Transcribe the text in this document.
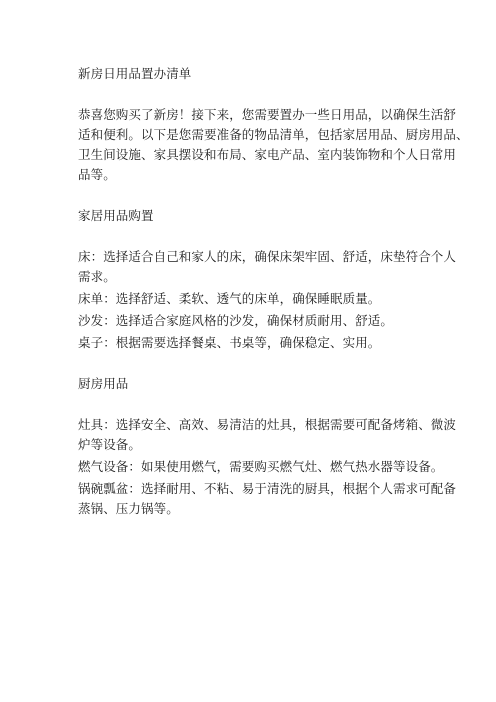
新房日用品置办清单
恭喜您购买了新房！接下来，您需要置办一些日用品，以确保生活舒
适和便利。以下是您需要准备的物品清单，包括家居用品、厨房用品、
卫生间设施、家具摆设和布局、家电产品、室内装饰物和个人日常用
品等。
家居用品购置
床：选择适合自己和家人的床，确保床架牢固、舒适，床垫符合个人
需求。
床单：选择舒适、柔软、透气的床单，确保睡眠质量。
沙发：选择适合家庭风格的沙发，确保材质耐用、舒适。
桌子：根据需要选择餐桌、书桌等，确保稳定、实用。
厨房用品
灶具：选择安全、高效、易清洁的灶具，根据需要可配备烤箱、微波
炉等设备。
燃气设备：如果使用燃气，需要购买燃气灶、燃气热水器等设备。
锅碗瓢盆：选择耐用、不粘、易于清洗的厨具，根据个人需求可配备
蒸锅、压力锅等。
